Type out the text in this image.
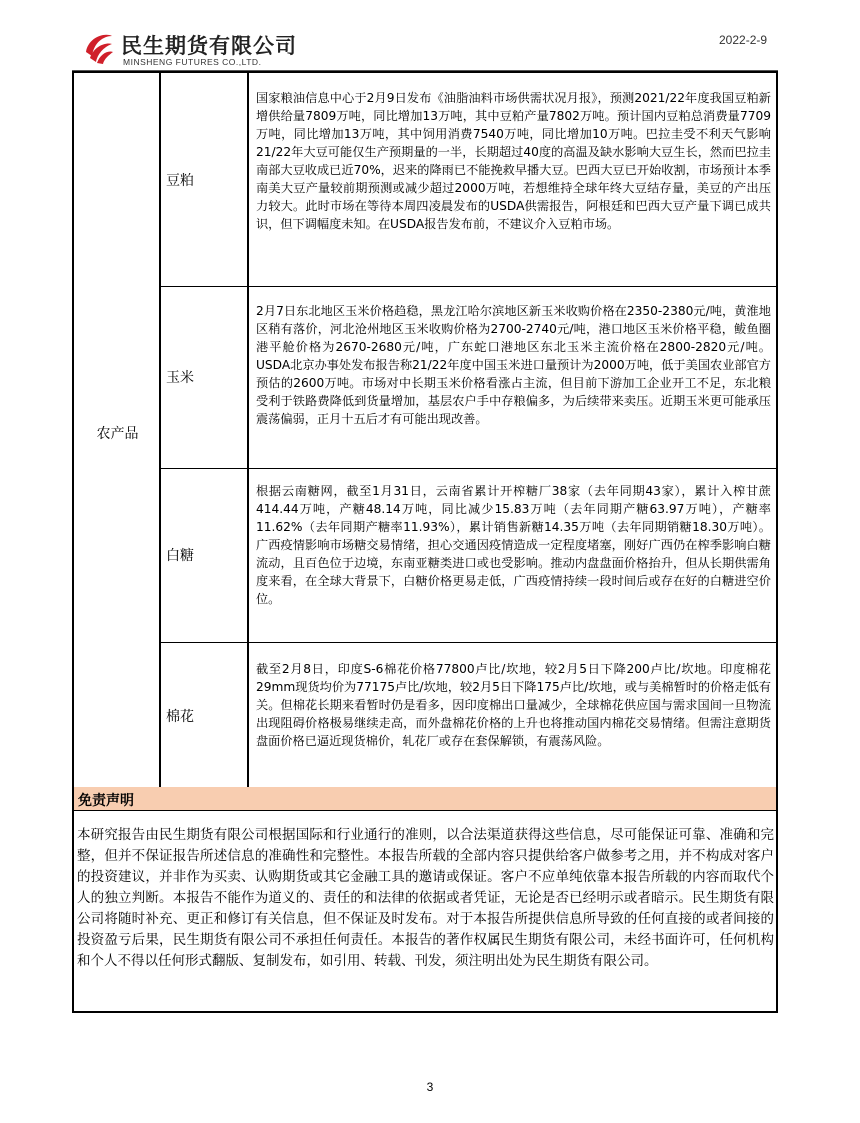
民生期货有限公司
MINSHENG FUTURES CO.,LTD.
2022-2-9
农产品
豆粕
国家粮油信息中心于2月9日发布《油脂油料市场供需状况月报》，预测2021/22年度我国豆粕新增供给量7809万吨，同比增加13万吨，其中豆粕产量7802万吨。预计国内豆粕总消费量7709万吨，同比增加13万吨，其中饲用消费7540万吨，同比增加10万吨。巴拉圭受不利天气影响21/22年大豆可能仅生产预期量的一半，长期超过40度的高温及缺水影响大豆生长，然而巴拉圭南部大豆收成已近70%，迟来的降雨已不能挽救早播大豆。巴西大豆已开始收割，市场预计本季南美大豆产量较前期预测或减少超过2000万吨，若想维持全球年终大豆结存量，美豆的产出压力较大。此时市场在等待本周四凌晨发布的USDA供需报告，阿根廷和巴西大豆产量下调已成共识，但下调幅度未知。在USDA报告发布前，不建议介入豆粕市场。
玉米
2月7日东北地区玉米价格趋稳，黑龙江哈尔滨地区新玉米收购价格在2350-2380元/吨，黄淮地区稍有落价，河北沧州地区玉米收购价格为2700-2740元/吨，港口地区玉米价格平稳，鲅鱼圈港平舱价格为2670-2680元/吨，广东蛇口港地区东北玉米主流价格在2800-2820元/吨。USDA北京办事处发布报告称21/22年度中国玉米进口量预计为2000万吨，低于美国农业部官方预估的2600万吨。市场对中长期玉米价格看涨占主流，但目前下游加工企业开工不足，东北粮受利于铁路费降低到货量增加，基层农户手中存粮偏多，为后续带来卖压。近期玉米更可能承压震荡偏弱，正月十五后才有可能出现改善。
白糖
根据云南糖网，截至1月31日，云南省累计开榨糖厂38家（去年同期43家），累计入榨甘蔗414.44万吨，产糖48.14万吨，同比减少15.83万吨（去年同期产糖63.97万吨），产糖率11.62%（去年同期产糖率11.93%），累计销售新糖14.35万吨（去年同期销糖18.30万吨）。广西疫情影响市场糖交易情绪，担心交通因疫情造成一定程度堵塞，刚好广西仍在榨季影响白糖流动，且百色位于边境，东南亚糖类进口或也受影响。推动内盘盘面价格抬升，但从长期供需角度来看，在全球大背景下，白糖价格更易走低，广西疫情持续一段时间后或存在好的白糖进空价位。
棉花
截至2月8日，印度S-6棉花价格77800卢比/坎地，较2月5日下降200卢比/坎地。印度棉花29mm现货均价为77175卢比/坎地，较2月5日下降175卢比/坎地，或与美棉暂时的价格走低有关。但棉花长期来看暂时仍是看多，因印度棉出口量减少，全球棉花供应国与需求国间一旦物流出现阻碍价格极易继续走高，而外盘棉花价格的上升也将推动国内棉花交易情绪。但需注意期货盘面价格已逼近现货棉价，轧花厂或存在套保解锁，有震荡风险。
免责声明
本研究报告由民生期货有限公司根据国际和行业通行的准则，以合法渠道获得这些信息，尽可能保证可靠、准确和完整，但并不保证报告所述信息的准确性和完整性。本报告所载的全部内容只提供给客户做参考之用，并不构成对客户的投资建议，并非作为买卖、认购期货或其它金融工具的邀请或保证。客户不应单纯依靠本报告所载的内容而取代个人的独立判断。本报告不能作为道义的、责任的和法律的依据或者凭证，无论是否已经明示或者暗示。民生期货有限公司将随时补充、更正和修订有关信息，但不保证及时发布。对于本报告所提供信息所导致的任何直接的或者间接的投资盈亏后果，民生期货有限公司不承担任何责任。本报告的著作权属民生期货有限公司，未经书面许可，任何机构和个人不得以任何形式翻版、复制发布，如引用、转载、刊发，须注明出处为民生期货有限公司。
3
